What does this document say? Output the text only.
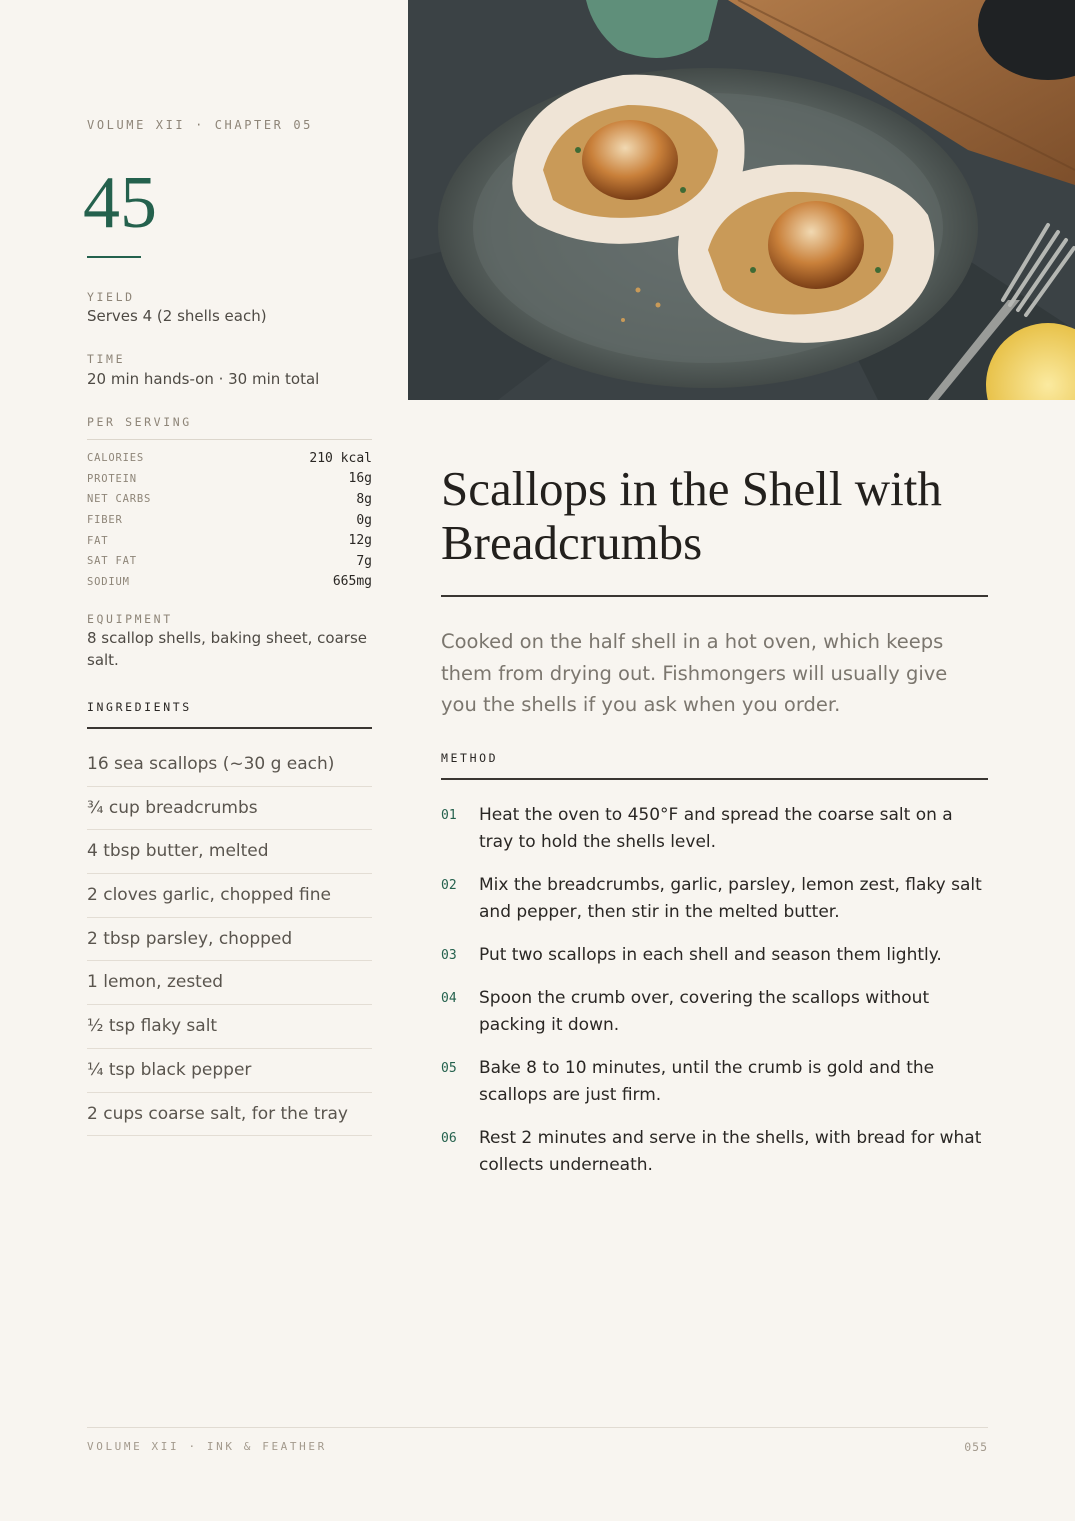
VOLUME XII · CHAPTER 05
45
YIELD
Serves 4 (2 shells each)
TIME
20 min hands-on · 30 min total
PER SERVING
CALORIES	210 kcal
PROTEIN	16g
NET CARBS	8g
FIBER	0g
FAT	12g
SAT FAT	7g
SODIUM	665mg
EQUIPMENT
8 scallop shells, baking sheet, coarse salt.
INGREDIENTS
16 sea scallops (~30 g each)
¾ cup breadcrumbs
4 tbsp butter, melted
2 cloves garlic, chopped fine
2 tbsp parsley, chopped
1 lemon, zested
½ tsp flaky salt
¼ tsp black pepper
2 cups coarse salt, for the tray
Scallops in the Shell with Breadcrumbs

Cooked on the half shell in a hot oven, which keeps them from drying out. Fishmongers will usually give you the shells if you ask when you order.

METHOD
01	Heat the oven to 450°F and spread the coarse salt on a tray to hold the shells level.
02	Mix the breadcrumbs, garlic, parsley, lemon zest, flaky salt and pepper, then stir in the melted butter.
03	Put two scallops in each shell and season them lightly.
04	Spoon the crumb over, covering the scallops without packing it down.
05	Bake 8 to 10 minutes, until the crumb is gold and the scallops are just firm.
06	Rest 2 minutes and serve in the shells, with bread for what collects underneath.
VOLUME XII · INK & FEATHER	055
